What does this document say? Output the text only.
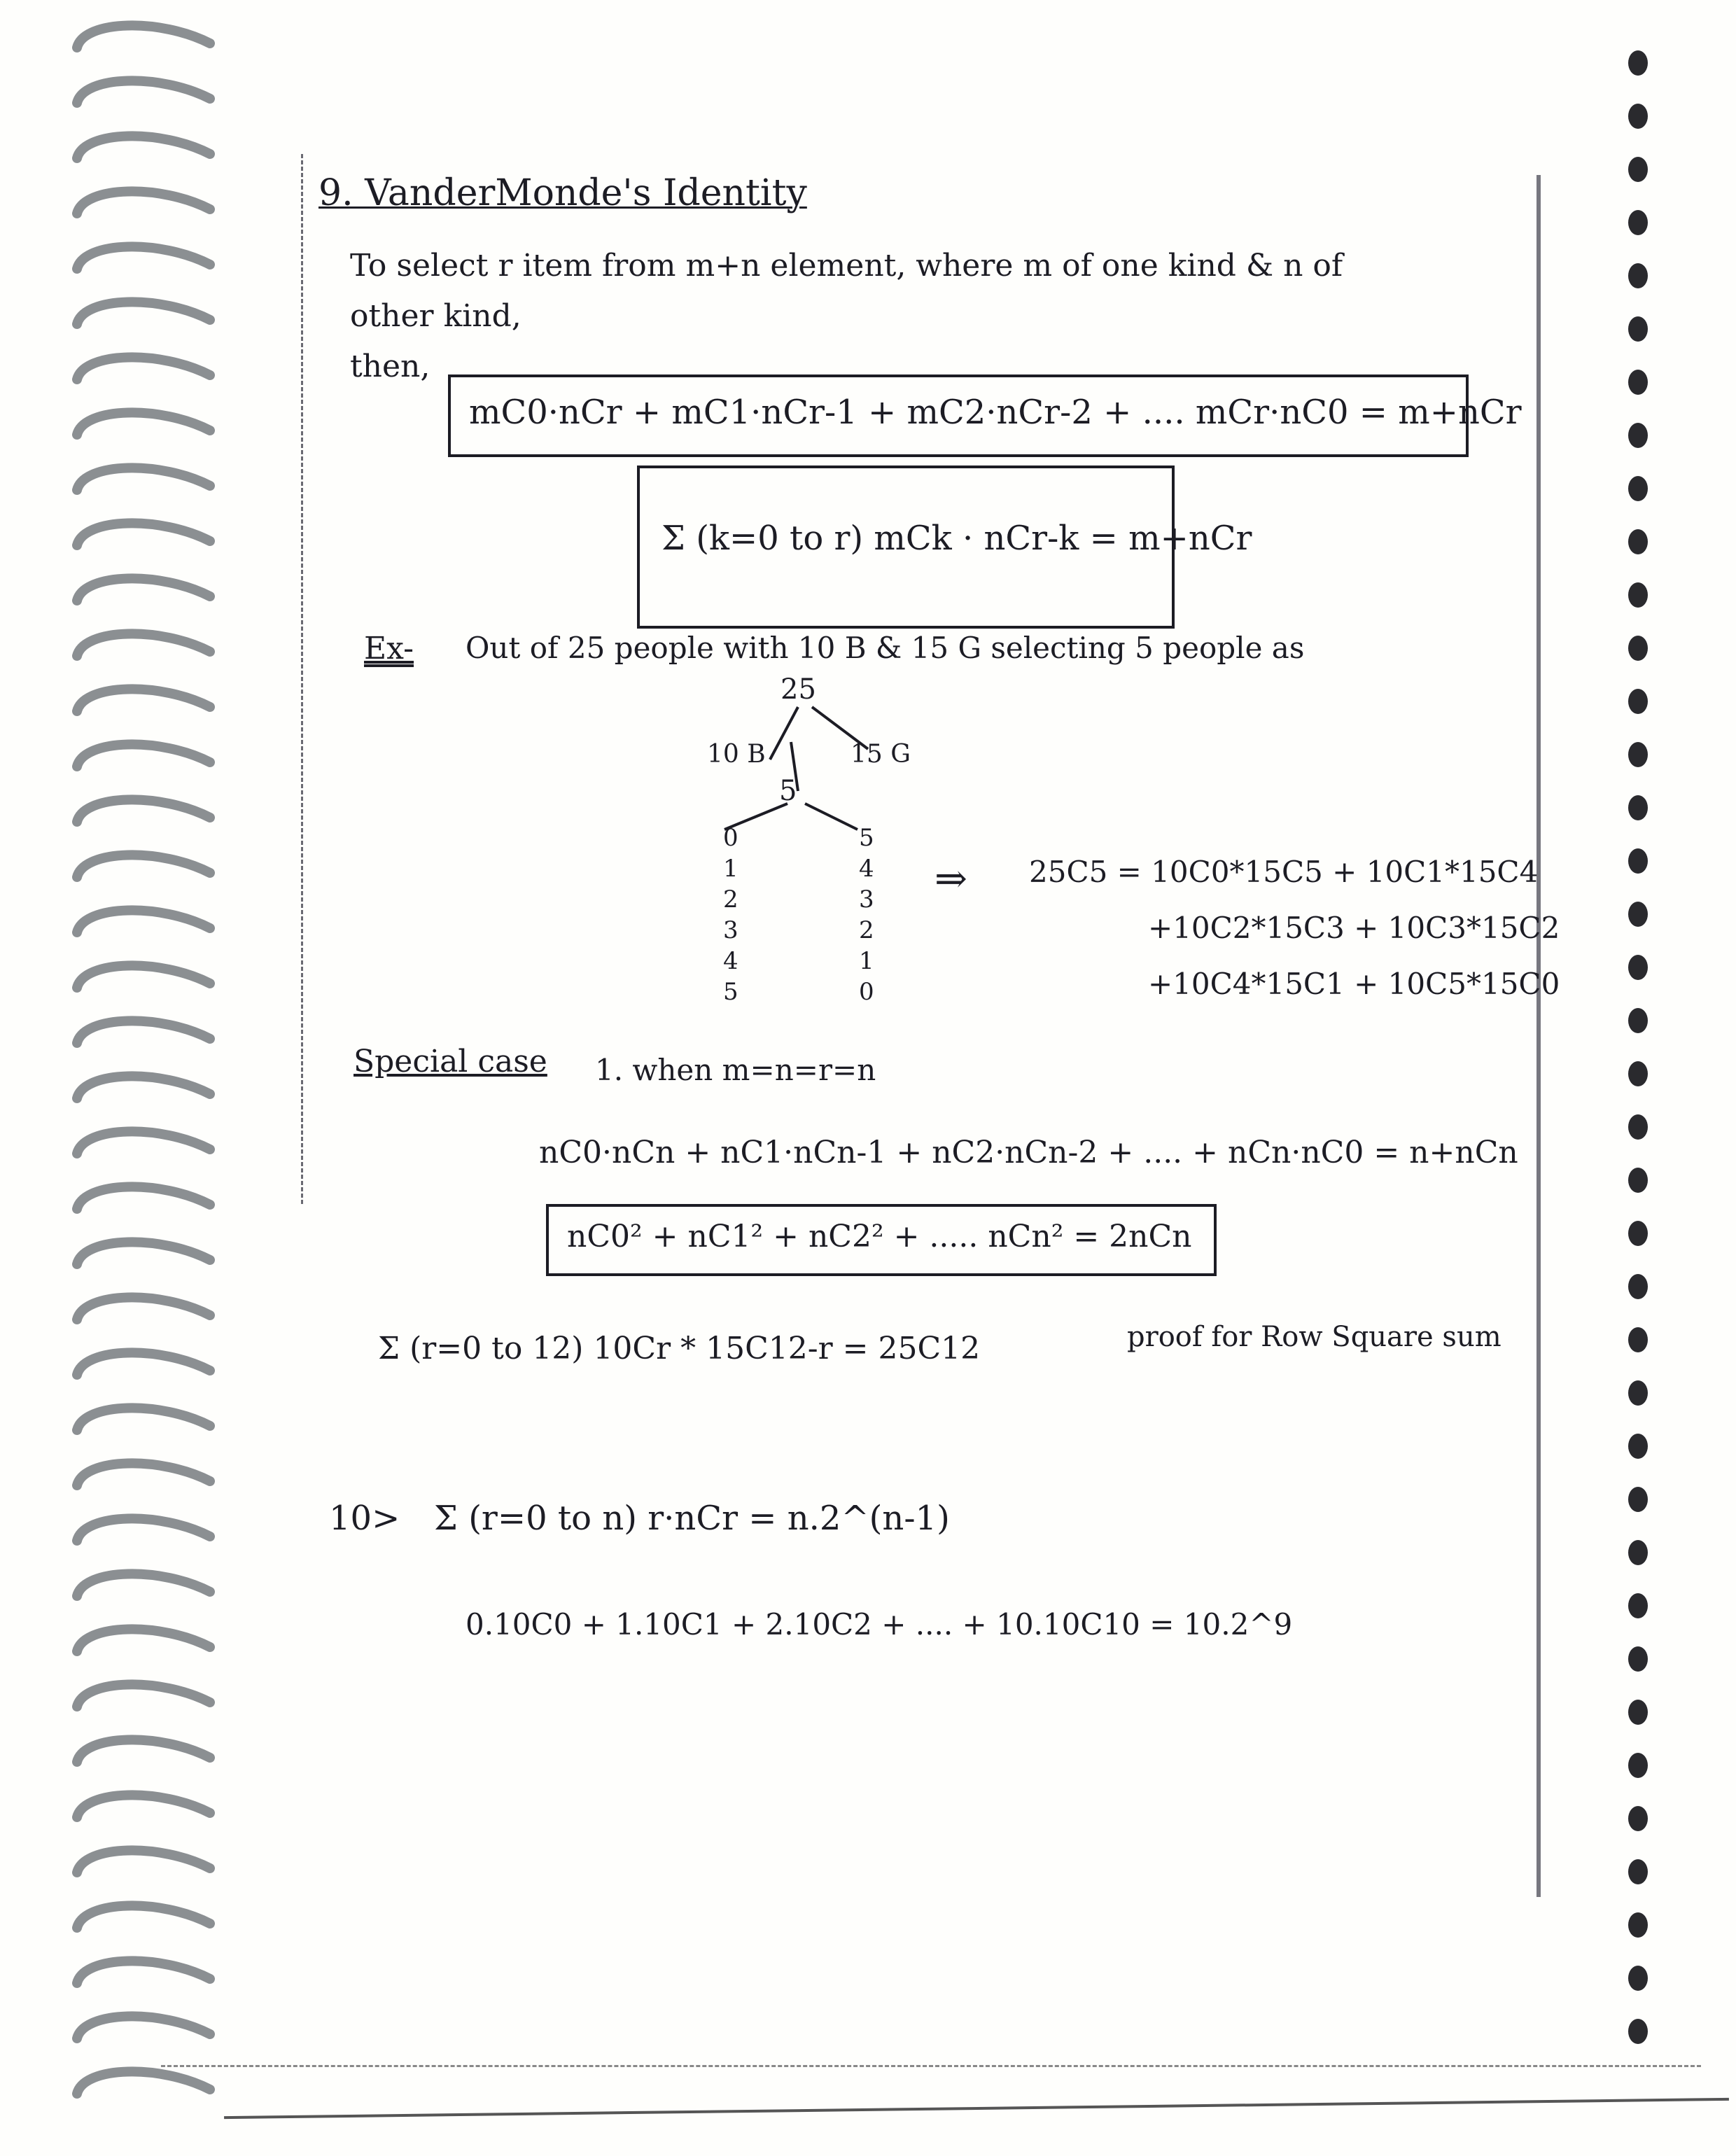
9. VanderMonde's Identity
To select r item from m+n element, where m of one kind & n of
other kind,
then,
mC0·nCr + mC1·nCr-1 + mC2·nCr-2 + .... mCr·nC0 = m+nCr
Σ (k=0 to r) mCk · nCr-k = m+nCr
Ex- Out of 25 people with 10 B & 15 G selecting 5 people as
25
10 B	15 G
5
0
1
2
3
4
5
5
4
3
2
1
0
⇒ 25C5 = 10C0*15C5 + 10C1*15C4
+10C2*15C3 + 10C3*15C2
+10C4*15C1 + 10C5*15C0
Special case 1. when m=n=r=n
nC0·nCn + nC1·nCn-1 + nC2·nCn-2 + .... + nCn·nC0 = n+nCn
nC0² + nC1² + nC2² + ..... nCn² = 2nCn
Σ (r=0 to 12) 10Cr * 15C12-r = 25C12	proof for Row Square sum
10> Σ (r=0 to n) r·nCr = n.2^(n-1)
0.10C0 + 1.10C1 + 2.10C2 + .... + 10.10C10 = 10.2^9
